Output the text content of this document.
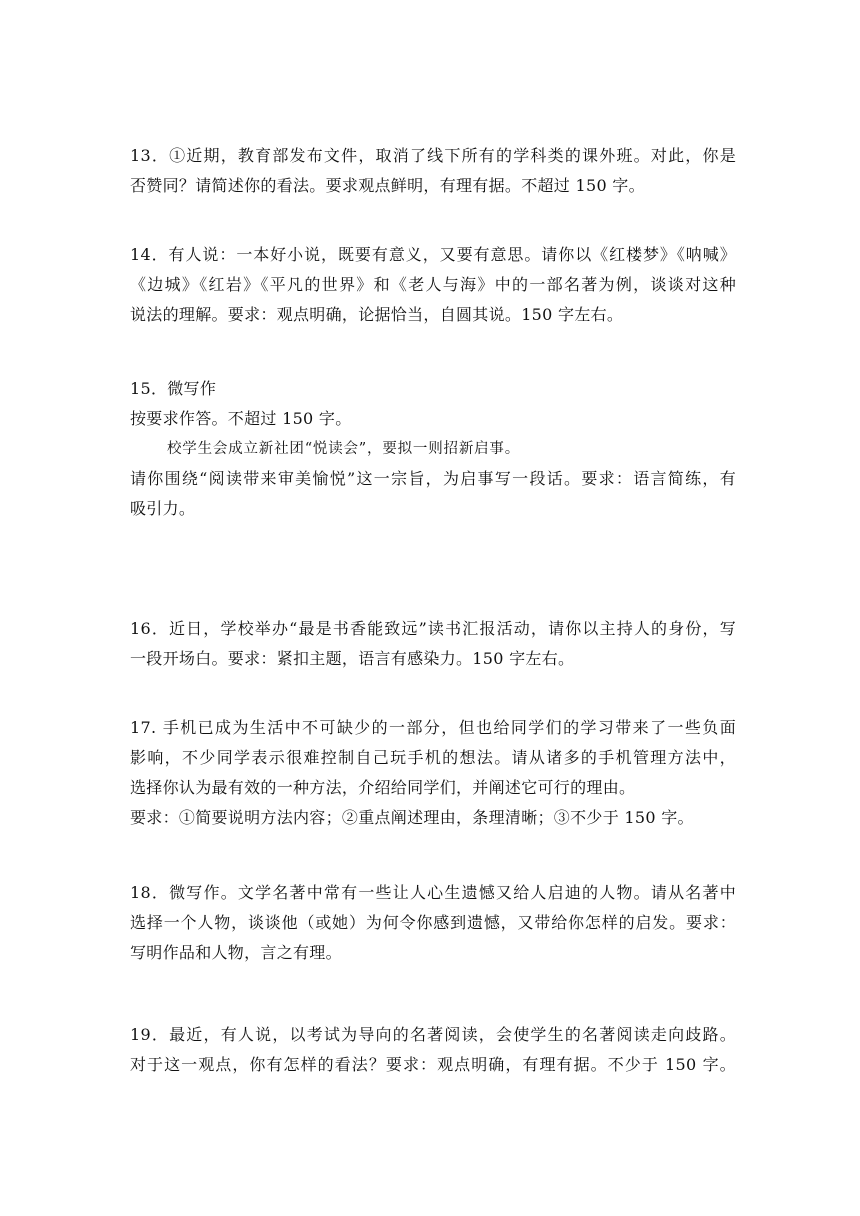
13．①近期，教育部发布文件，取消了线下所有的学科类的课外班。对此，你是
否赞同？请简述你的看法。要求观点鲜明，有理有据。不超过 150 字。
14．有人说：一本好小说，既要有意义，又要有意思。请你以《红楼梦》《呐喊》
《边城》《红岩》《平凡的世界》和《老人与海》中的一部名著为例，谈谈对这种
说法的理解。要求：观点明确，论据恰当，自圆其说。150 字左右。
15．微写作
按要求作答。不超过 150 字。
校学生会成立新社团“悦读会”，要拟一则招新启事。
请你围绕“阅读带来审美愉悦”这一宗旨，为启事写一段话。要求：语言简练，有
吸引力。
16．近日，学校举办“最是书香能致远”读书汇报活动，请你以主持人的身份，写
一段开场白。要求：紧扣主题，语言有感染力。150 字左右。
17. 手机已成为生活中不可缺少的一部分，但也给同学们的学习带来了一些负面
影响，不少同学表示很难控制自己玩手机的想法。请从诸多的手机管理方法中，
选择你认为最有效的一种方法，介绍给同学们，并阐述它可行的理由。
要求：①简要说明方法内容；②重点阐述理由，条理清晰；③不少于 150 字。
18．微写作。文学名著中常有一些让人心生遗憾又给人启迪的人物。请从名著中
选择一个人物，谈谈他（或她）为何令你感到遗憾，又带给你怎样的启发。要求：
写明作品和人物，言之有理。
19．最近，有人说，以考试为导向的名著阅读，会使学生的名著阅读走向歧路。
对于这一观点，你有怎样的看法？要求：观点明确，有理有据。不少于 150 字。
